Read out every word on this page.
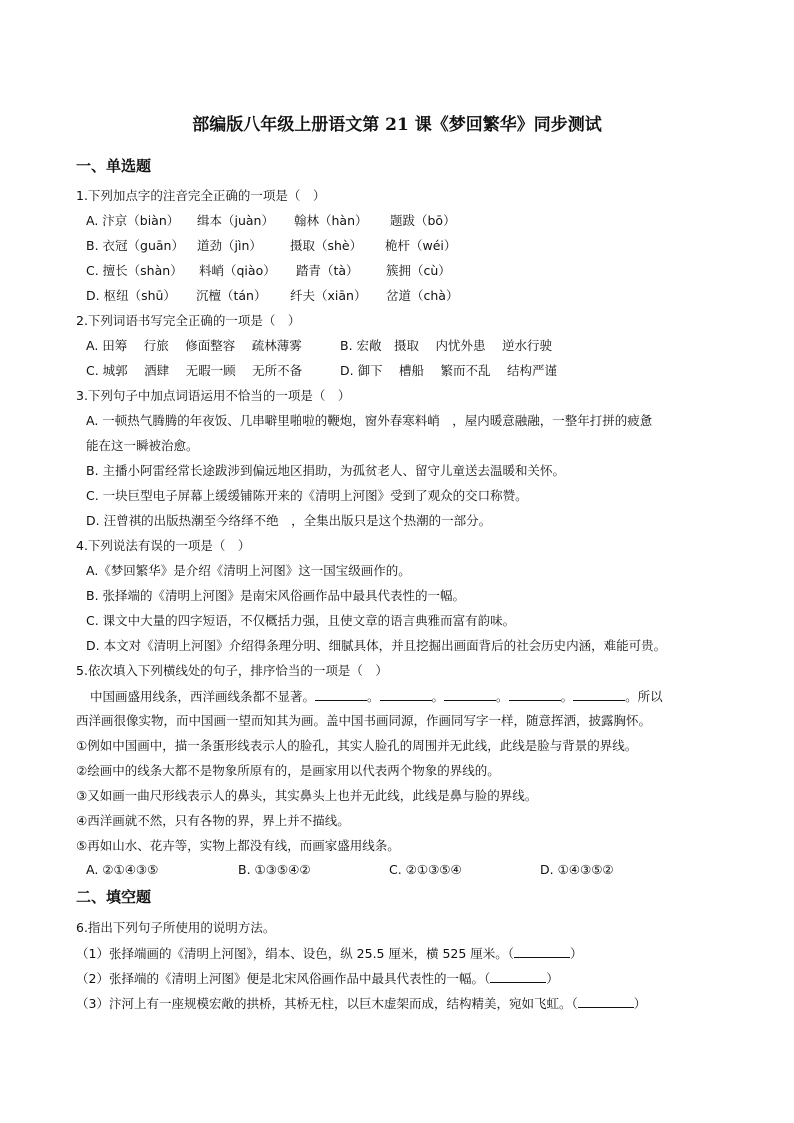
部编版八年级上册语文第 21 课《梦回繁华》同步测试
一、单选题
1.下列加点字的注音完全正确的一项是（　）
A. 汴京（biàn） 缉本（juàn） 翰林（hàn） 题跋（bō）
B. 衣冠（guān） 道劲（jìn） 摄取（shè） 桅杆（wéi）
C. 擅长（shàn） 料峭（qiào） 踏青（tà） 簇拥（cù）
D. 枢纽（shū） 沉檀（tán） 纤夫（xiān） 岔道（chà）
2.下列词语书写完全正确的一项是（　）
A. 田筹　 行旅　 修面整容　 疏林薄雾	B. 宏敞　摄取　 内忧外患　 逆水行驶
C. 城郭　 酒肆　 无暇一顾　 无所不备	D. 御下　 槽船　 繁而不乱　 结构严谨
3.下列句子中加点词语运用不恰当的一项是（　）
A. 一顿热气腾腾的年夜饭、几串噼里啪啦的鞭炮，窗外春寒料峭　，屋内暖意融融，一整年打拼的疲惫
能在这一瞬被治愈。
B. 主播小阿雷经常长途跋涉到偏远地区捐助，为孤贫老人、留守儿童送去温暖和关怀。
C. 一块巨型电子屏幕上缓缓铺陈开来的《清明上河图》受到了观众的交口称赞。
D. 汪曾祺的出版热潮至今络绎不绝　，全集出版只是这个热潮的一部分。
4.下列说法有误的一项是（　）
A.《梦回繁华》是介绍《清明上河图》这一国宝级画作的。
B. 张择端的《清明上河图》是南宋风俗画作品中最具代表性的一幅。
C. 课文中大量的四字短语，不仅概括力强，且使文章的语言典雅而富有韵味。
D. 本文对《清明上河图》介绍得条理分明、细腻具体，并且挖掘出画面背后的社会历史内涵，难能可贵。
5.依次填入下列横线处的句子，排序恰当的一项是（　）
中国画盛用线条，西洋画线条都不显著。	。	。	。	。	。所以
西洋画很像实物，而中国画一望而知其为画。盖中国书画同源，作画同写字一样，随意挥洒，披露胸怀。
①例如中国画中，描一条蛋形线表示人的脸孔，其实人脸孔的周围并无此线，此线是脸与背景的界线。
②绘画中的线条大都不是物象所原有的，是画家用以代表两个物象的界线的。
③又如画一曲尺形线表示人的鼻头，其实鼻头上也并无此线，此线是鼻与脸的界线。
④西洋画就不然，只有各物的界，界上并不描线。
⑤再如山水、花卉等，实物上都没有线，而画家盛用线条。
A. ②①④③⑤	B. ①③⑤④②	C. ②①③⑤④	D. ①④③⑤②
二、填空题
6.指出下列句子所使用的说明方法。
（1）张择端画的《清明上河图》，绢本、设色，纵 25.5 厘米，横 525 厘米。（	）
（2）张择端的《清明上河图》便是北宋风俗画作品中最具代表性的一幅。（	）
（3）汴河上有一座规模宏敞的拱桥，其桥无柱，以巨木虚架而成，结构精美，宛如飞虹。（	）
